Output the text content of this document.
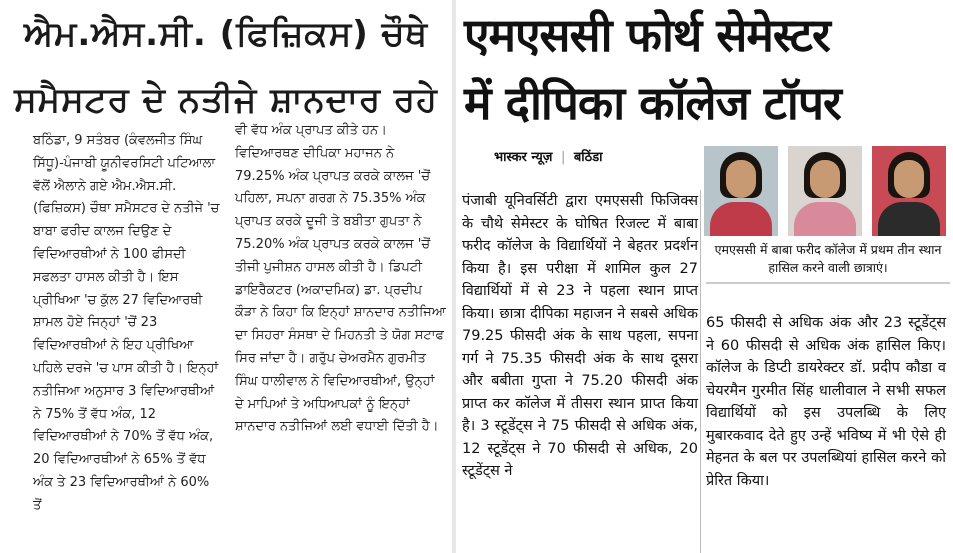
ਐਮ.ਐਸ.ਸੀ. (ਫਿਜ਼ਿਕਸ) ਚੌਥੇ
ਸਮੈਸਟਰ ਦੇ ਨਤੀਜੇ ਸ਼ਾਨਦਾਰ ਰਹੇ

ਬਠਿੰਡਾ, 9 ਸਤੰਬਰ (ਕੰਵਲਜੀਤ ਸਿੰਘ ਸਿੱਧੂ)-ਪੰਜਾਬੀ ਯੂਨੀਵਰਸਿਟੀ ਪਟਿਆਲਾ ਵੱਲੋਂ ਐਲਾਨੇ ਗਏ ਐਮ.ਐਸ.ਸੀ. (ਫਿਜ਼ਿਕਸ) ਚੌਥਾ ਸਮੈਸਟਰ ਦੇ ਨਤੀਜੇ 'ਚ ਬਾਬਾ ਫਰੀਦ ਕਾਲਜ ਦਿਉਣ ਦੇ ਵਿਦਿਆਰਥੀਆਂ ਨੇ 100 ਫੀਸਦੀ ਸਫਲਤਾ ਹਾਸਲ ਕੀਤੀ ਹੈ। ਇਸ ਪ੍ਰੀਖਿਆ 'ਚ ਕੁੱਲ 27 ਵਿਦਿਆਰਥੀ ਸ਼ਾਮਲ ਹੋਏ ਜਿਨ੍ਹਾਂ 'ਚੋਂ 23 ਵਿਦਿਆਰਥੀਆਂ ਨੇ ਇਹ ਪ੍ਰੀਖਿਆ ਪਹਿਲੇ ਦਰਜੇ 'ਚ ਪਾਸ ਕੀਤੀ ਹੈ। ਇਨ੍ਹਾਂ ਨਤੀਜਿਆ ਅਨੁਸਾਰ 3 ਵਿਦਿਆਰਥੀਆਂ ਨੇ 75% ਤੋਂ ਵੱਧ ਅੰਕ, 12 ਵਿਦਿਆਰਥੀਆਂ ਨੇ 70% ਤੋਂ ਵੱਧ ਅੰਕ, 20 ਵਿਦਿਆਰਥੀਆਂ ਨੇ 65% ਤੋਂ ਵੱਧ ਅੰਕ ਤੇ 23 ਵਿਦਿਆਰਥੀਆਂ ਨੇ 60% ਤੋਂ

ਵੀ ਵੱਧ ਅੰਕ ਪ੍ਰਾਪਤ ਕੀਤੇ ਹਨ। ਵਿਦਿਆਰਥਣ ਦੀਪਿਕਾ ਮਹਾਜਨ ਨੇ 79.25% ਅੰਕ ਪ੍ਰਾਪਤ ਕਰਕੇ ਕਾਲਜ 'ਚੋਂ ਪਹਿਲਾ, ਸਪਨਾ ਗਰਗ ਨੇ 75.35% ਅੰਕ ਪ੍ਰਾਪਤ ਕਰਕੇ ਦੂਜੀ ਤੇ ਬਬੀਤਾ ਗੁਪਤਾ ਨੇ 75.20% ਅੰਕ ਪ੍ਰਾਪਤ ਕਰਕੇ ਕਾਲਜ 'ਚੋਂ ਤੀਜੀ ਪੁਜੀਸ਼ਨ ਹਾਸਲ ਕੀਤੀ ਹੈ। ਡਿਪਟੀ ਡਾਇਰੈਕਟਰ (ਅਕਾਦਮਿਕ) ਡਾ. ਪ੍ਰਦੀਪ ਕੌੜਾ ਨੇ ਕਿਹਾ ਕਿ ਇਨ੍ਹਾਂ ਸ਼ਾਨਦਾਰ ਨਤੀਜਿਆ ਦਾ ਸਿਹਰਾ ਸੰਸਥਾ ਦੇ ਮਿਹਨਤੀ ਤੇ ਯੋਗ ਸਟਾਫ ਸਿਰ ਜਾਂਦਾ ਹੈ। ਗਰੁੱਪ ਚੇਅਰਮੈਨ ਗੁਰਮੀਤ ਸਿੰਘ ਧਾਲੀਵਾਲ ਨੇ ਵਿਦਿਆਰਥੀਆਂ, ਉਨ੍ਹਾਂ ਦੇ ਮਾਪਿਆਂ ਤੇ ਅਧਿਆਪਕਾਂ ਨੂੰ ਇਨ੍ਹਾਂ ਸ਼ਾਨਦਾਰ ਨਤੀਜਿਆਂ ਲਈ ਵਧਾਈ ਦਿੱਤੀ ਹੈ।

एमएससी फोर्थ सेमेस्टर
में दीपिका कॉलेज टॉपर
भास्कर न्यूज़ | बठिंडा
एमएससी में बाबा फरीद कॉलेज में प्रथम तीन स्थान हासिल करने वाली छात्राएं।
पंजाबी यूनिवर्सिटी द्वारा एमएससी फिजिक्स के चौथे सेमेस्टर के घोषित रिजल्ट में बाबा फरीद कॉलेज के विद्यार्थियों ने बेहतर प्रदर्शन किया है। इस परीक्षा में शामिल कुल 27 विद्यार्थियों में से 23 ने पहला स्थान प्राप्त किया। छात्रा दीपिका महाजन ने सबसे अधिक 79.25 फीसदी अंक के साथ पहला, सपना गर्ग ने 75.35 फीसदी अंक के साथ दूसरा और बबीता गुप्ता ने 75.20 फीसदी अंक प्राप्त कर कॉलेज में तीसरा स्थान प्राप्त किया है। 3 स्टूडेंट्स ने 75 फीसदी से अधिक अंक, 12 स्टूडेंट्स ने 70 फीसदी से अधिक, 20 स्टूडेंट्स ने
65 फीसदी से अधिक अंक और 23 स्टूडेंट्स ने 60 फीसदी से अधिक अंक हासिल किए। कॉलेज के डिप्टी डायरेक्टर डॉ. प्रदीप कौडा व चेयरमैन गुरमीत सिंह धालीवाल ने सभी सफल विद्यार्थियों को इस उपलब्धि के लिए मुबारकवाद देते हुए उन्हें भविष्य में भी ऐसे ही मेहनत के बल पर उपलब्धियां हासिल करने को प्रेरित किया।
